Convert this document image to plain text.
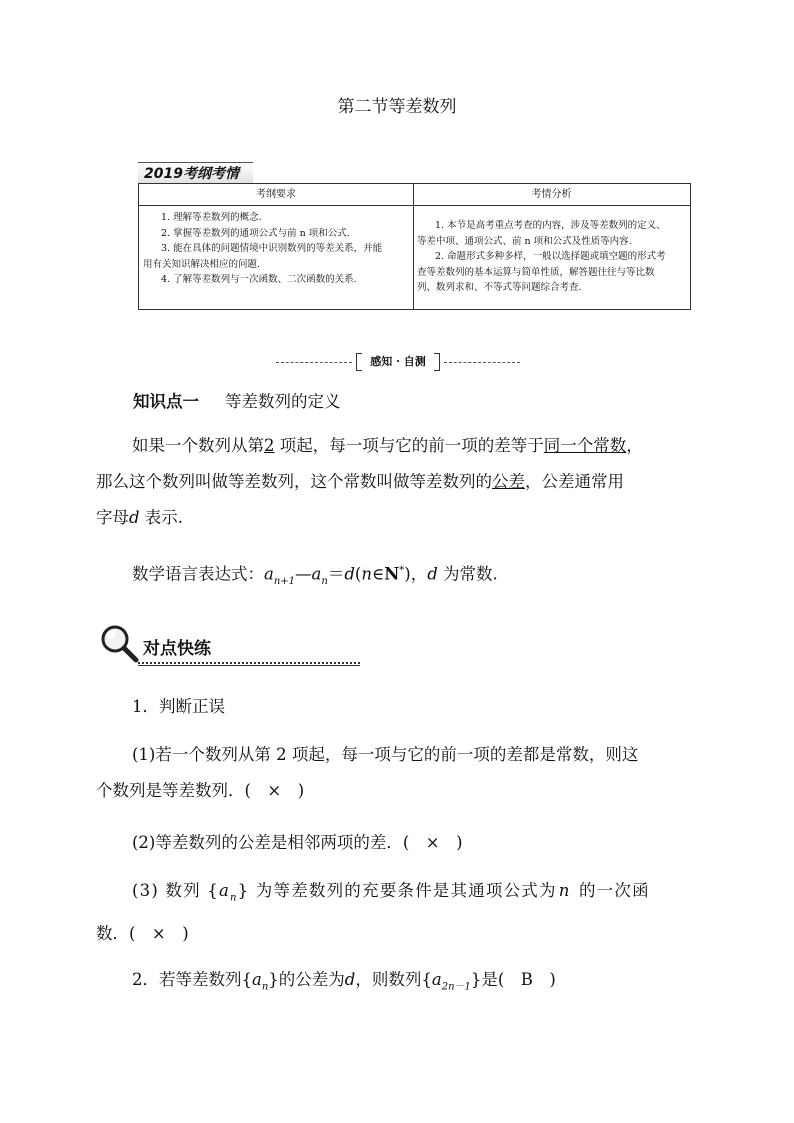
第二节等差数列
2019考纲考情
考纲要求	考情分析
1. 理解等差数列的概念.
2. 掌握等差数列的通项公式与前 n 项和公式.
3. 能在具体的问题情境中识别数列的等差关系，并能
用有关知识解决相应的问题.
4. 了解等差数列与一次函数、二次函数的关系.
1. 本节是高考重点考查的内容，涉及等差数列的定义、
等差中项、通项公式、前 n 项和公式及性质等内容.
2. 命题形式多种多样，一般以选择题或填空题的形式考
查等差数列的基本运算与简单性质，解答题往往与等比数
列、数列求和、不等式等问题综合考查.
感知 · 自测
知识点一 等差数列的定义
如果一个数列从第2 项起，每一项与它的前一项的差等于同一个常数，
那么这个数列叫做等差数列，这个常数叫做等差数列的公差，公差通常用
字母d 表示.
数学语言表达式：$a_{n+1}—a_n=d(n\in N^*)$，d 为常数.
对点快练
1．判断正误
(1)若一个数列从第 2 项起，每一项与它的前一项的差都是常数，则这
个数列是等差数列．(　×　)
(2)等差数列的公差是相邻两项的差．(　×　)
(3) 数列 $\{a_n\}$ 为等差数列的充要条件是其通项公式为 n 的一次函
数．(　×　)
2．若等差数列$\{a_n\}$的公差为d，则数列$\{a_{2n-1}\}$是(　B　)
